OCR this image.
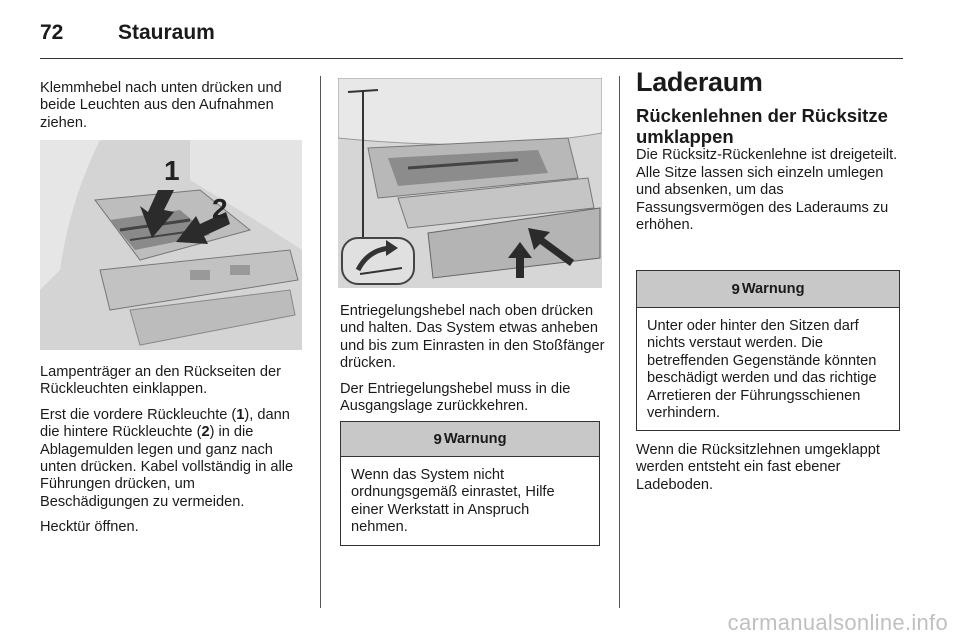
72	Stauraum

Klemmhebel nach unten drücken und beide Leuchten aus den Aufnahmen ziehen.

1
2

Lampenträger an den Rückseiten der Rückleuchten einklappen.

Erst die vordere Rückleuchte (1), dann die hintere Rückleuchte (2) in die Ablagemulden legen und ganz nach unten drücken. Kabel vollständig in alle Führungen drücken, um Beschädigungen zu vermeiden.

Hecktür öffnen.

Entriegelungshebel nach oben drücken und halten. Das System etwas anheben und bis zum Einrasten in den Stoßfänger drücken.

Der Entriegelungshebel muss in die Ausgangslage zurückkehren.

9 Warnung
Wenn das System nicht ordnungsgemäß einrastet, Hilfe einer Werkstatt in Anspruch nehmen.
Laderaum
Rückenlehnen der Rücksitze umklappen

Die Rücksitz-Rückenlehne ist dreigeteilt. Alle Sitze lassen sich einzeln umlegen und absenken, um das Fassungsvermögen des Laderaums zu erhöhen.

9 Warnung
Unter oder hinter den Sitzen darf nichts verstaut werden. Die betreffenden Gegenstände könnten beschädigt werden und das richtige Arretieren der Führungsschienen verhindern.

Wenn die Rücksitzlehnen umgeklappt werden entsteht ein fast ebener Ladeboden.

carmanualsonline.info
